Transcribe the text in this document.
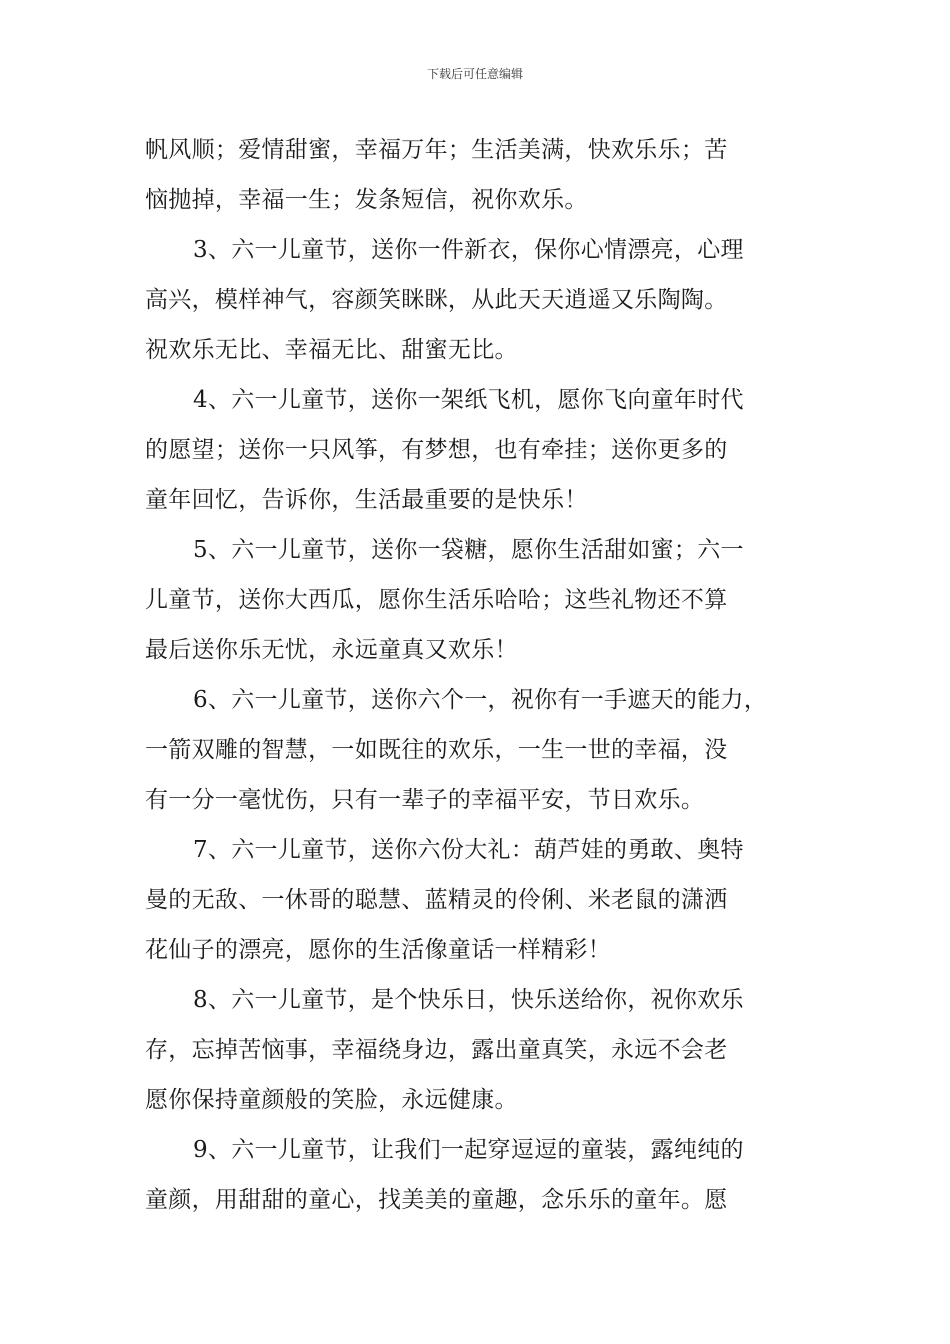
下载后可任意编辑
帆风顺；爱情甜蜜，幸福万年；生活美满，快欢乐乐；苦
恼抛掉，幸福一生；发条短信，祝你欢乐。
3、六一儿童节，送你一件新衣，保你心情漂亮，心理
高兴，模样神气，容颜笑眯眯，从此天天逍遥又乐陶陶。
祝欢乐无比、幸福无比、甜蜜无比。
4、六一儿童节，送你一架纸飞机，愿你飞向童年时代
的愿望；送你一只风筝，有梦想，也有牵挂；送你更多的
童年回忆，告诉你，生活最重要的是快乐！
5、六一儿童节，送你一袋糖，愿你生活甜如蜜；六一
儿童节，送你大西瓜，愿你生活乐哈哈；这些礼物还不算
最后送你乐无忧，永远童真又欢乐！
6、六一儿童节，送你六个一，祝你有一手遮天的能力，
一箭双雕的智慧，一如既往的欢乐，一生一世的幸福，没
有一分一毫忧伤，只有一辈子的幸福平安，节日欢乐。
7、六一儿童节，送你六份大礼：葫芦娃的勇敢、奥特
曼的无敌、一休哥的聪慧、蓝精灵的伶俐、米老鼠的潇洒
花仙子的漂亮，愿你的生活像童话一样精彩！
8、六一儿童节，是个快乐日，快乐送给你，祝你欢乐
存，忘掉苦恼事，幸福绕身边，露出童真笑，永远不会老
愿你保持童颜般的笑脸，永远健康。
9、六一儿童节，让我们一起穿逗逗的童装，露纯纯的
童颜，用甜甜的童心，找美美的童趣，念乐乐的童年。愿
